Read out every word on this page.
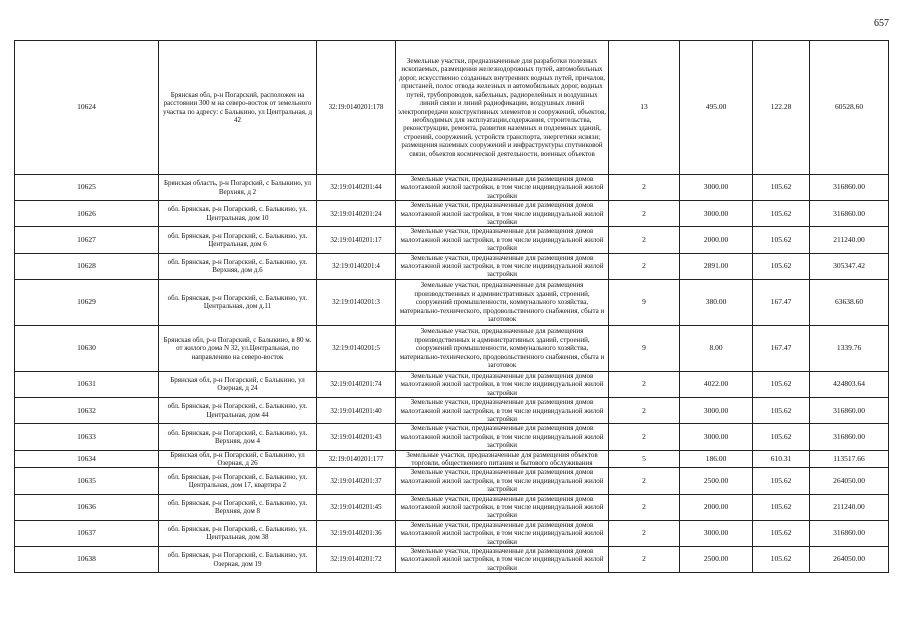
657
10624	Брянская обл, р-н Погарский, расположен на расстоянии 300 м на северо-восток от земельного участка по адресу: с Балыкино, ул Центральная, д 42	32:19:0140201:178	Земельные участки, предназначенные для разработки полезных ископаемых, размещения железнодорожных путей, автомобильных дорог, искусственно созданных внутренних водных путей, причалов, пристаней, полос отвода железных и автомобильных дорог, водных путей, трубопроводов, кабельных, радиорелейных и воздушных линий связи и линий радиофикации, воздушных линий электропередачи конструктивных элементов и сооружений, объектов, необходимых для эксплуатации,содержания, строительства, реконструкции, ремонта, развития наземных и подземных зданий, строений, сооружений, устройств транспорта, энергетики исвязи; размещения наземных сооружений и инфраструктуры спутниковой связи, объектов космической деятельности, военных объектов	13	495.00	122.28	60528.60
10625	Брянская область, р-н Погарский, с Балыкино, ул Верхняя, д 2	32:19:0140201:44	Земельные участки, предназначенные для размещения домов малоэтажной жилой застройки, в том числе индивидуальной жилой застройки	2	3000.00	105.62	316860.00
10626	обл. Брянская, р-н Погарский, с. Балыкино, ул. Центральная, дом 10	32:19:0140201:24	Земельные участки, предназначенные для размещения домов малоэтажной жилой застройки, в том числе индивидуальной жилой застройки	2	3000.00	105.62	316860.00
10627	обл. Брянская, р-н Погарский, с. Балыкино, ул. Центральная, дом 6	32:19:0140201:17	Земельные участки, предназначенные для размещения домов малоэтажной жилой застройки, в том числе индивидуальной жилой застройки	2	2000.00	105.62	211240.00
10628	обл. Брянская, р-н Погарский, с. Балыкино, ул. Верхняя, дом д.6	32:19:0140201:4	Земельные участки, предназначенные для размещения домов малоэтажной жилой застройки, в том числе индивидуальной жилой застройки	2	2891.00	105.62	305347.42
10629	обл. Брянская, р-н Погарский, с. Балыкино, ул. Центральная, дом д.11	32:19:0140201:3	Земельные участки, предназначенные для размещения производственных и административных зданий, строений, сооружений промышленности, коммунального хозяйства, материально-технического, продовольственного снабжения, сбыта и заготовок	9	380.00	167.47	63638.60
10630	Брянская обл, р-н Погарский, с Балыкино, в 80 м. от жилого дома N 32, ул.Центральная, по направлению на северо-восток	32:19:0140201:5	Земельные участки, предназначенные для размещения производственных и административных зданий, строений, сооружений промышленности, коммунального хозяйства, материально-технического, продовольственного снабжения, сбыта и заготовок	9	8.00	167.47	1339.76
10631	Брянская обл, р-н Погарский, с Балыкино, ул Озерная, д 24	32:19:0140201:74	Земельные участки, предназначенные для размещения домов малоэтажной жилой застройки, в том числе индивидуальной жилой застройки	2	4022.00	105.62	424803.64
10632	обл. Брянская, р-н Погарский, с. Балыкино, ул. Центральная, дом 44	32:19:0140201:40	Земельные участки, предназначенные для размещения домов малоэтажной жилой застройки, в том числе индивидуальной жилой застройки	2	3000.00	105.62	316860.00
10633	обл. Брянская, р-н Погарский, с. Балыкино, ул. Верхняя, дом 4	32:19:0140201:43	Земельные участки, предназначенные для размещения домов малоэтажной жилой застройки, в том числе индивидуальной жилой застройки	2	3000.00	105.62	316860.00
10634	Брянская обл, р-н Погарский, с Балыкино, ул Озерная, д 26	32:19:0140201:177	Земельные участки, предназначенные для размещения объектов торговли, общественного питания и бытового обслуживания	5	186.00	610.31	113517.66
10635	обл. Брянская, р-н Погарский, с. Балыкино, ул. Центральная, дом 17, квартира 2	32:19:0140201:37	Земельные участки, предназначенные для размещения домов малоэтажной жилой застройки, в том числе индивидуальной жилой застройки	2	2500.00	105.62	264050.00
10636	обл. Брянская, р-н Погарский, с. Балыкино, ул. Верхняя, дом 8	32:19:0140201:45	Земельные участки, предназначенные для размещения домов малоэтажной жилой застройки, в том числе индивидуальной жилой застройки	2	2000.00	105.62	211240.00
10637	обл. Брянская, р-н Погарский, с. Балыкино, ул. Центральная, дом 38	32:19:0140201:36	Земельные участки, предназначенные для размещения домов малоэтажной жилой застройки, в том числе индивидуальной жилой застройки	2	3000.00	105.62	316860.00
10638	обл. Брянская, р-н Погарский, с. Балыкино, ул. Озерная, дом 19	32:19:0140201:72	Земельные участки, предназначенные для размещения домов малоэтажной жилой застройки, в том числе индивидуальной жилой застройки	2	2500.00	105.62	264050.00
